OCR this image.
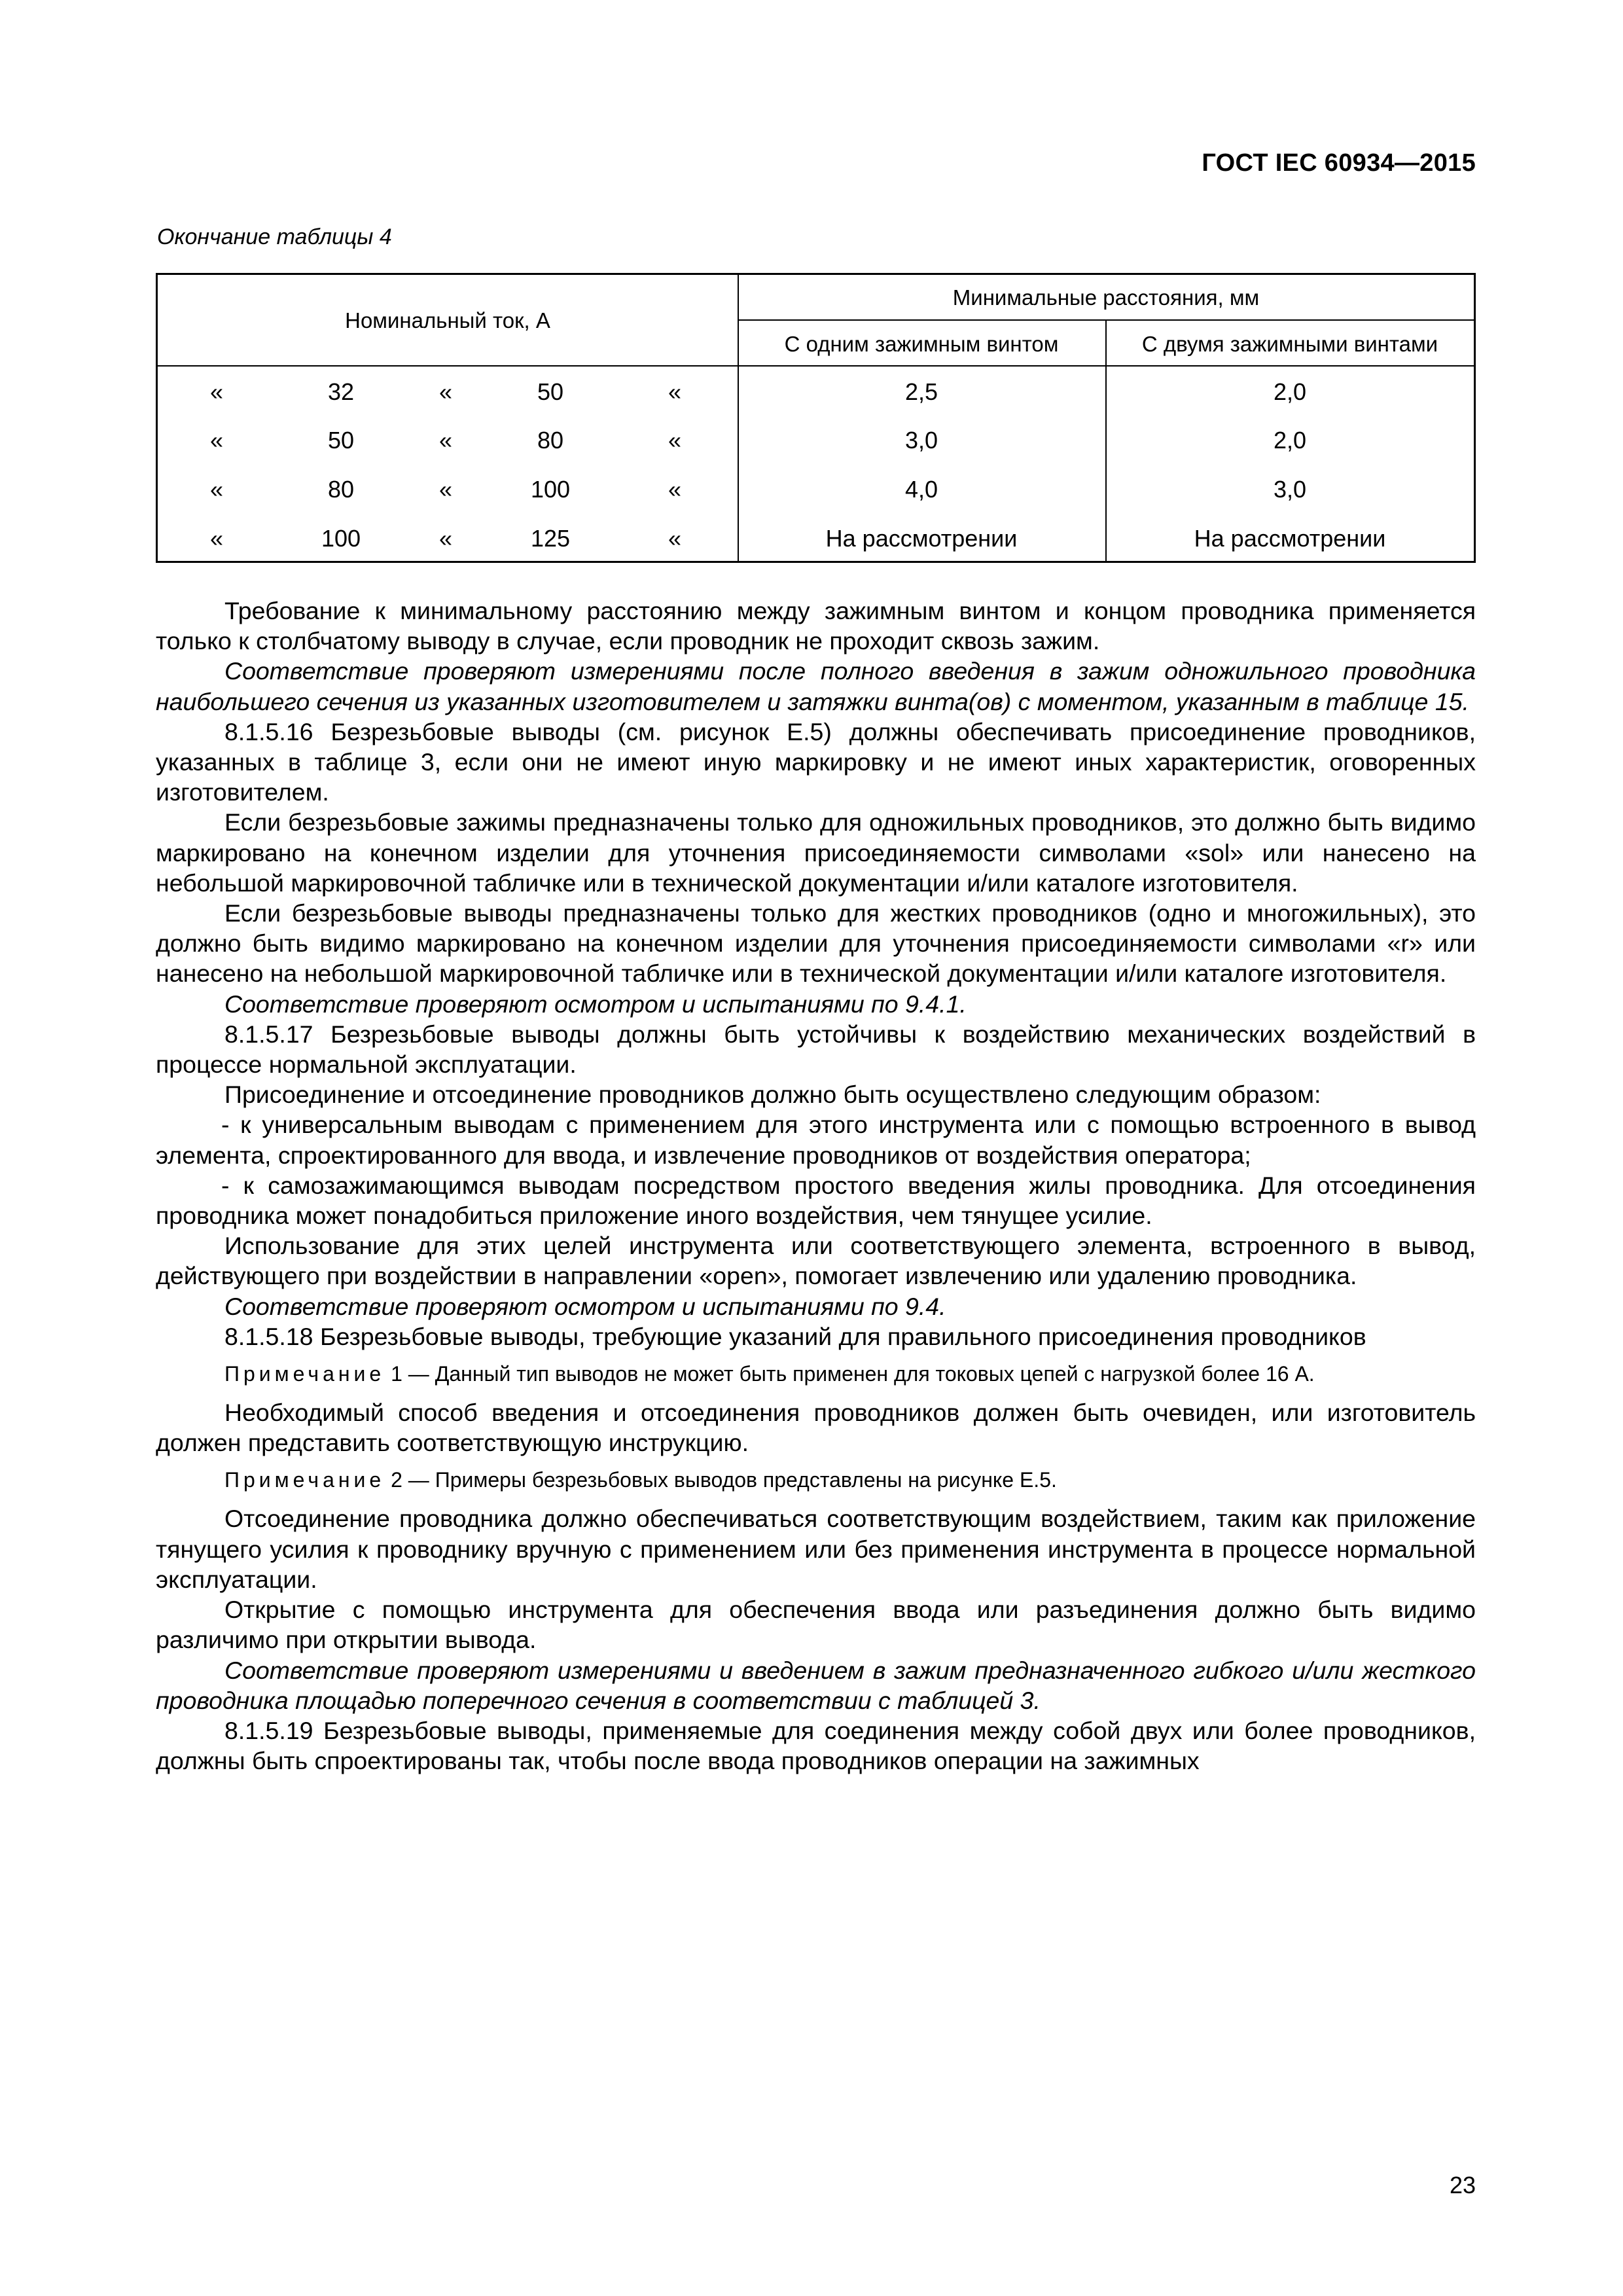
ГОСТ IEC 60934—2015
Окончание таблицы 4
Номинальный ток, А
Минимальные расстояния, мм
С одним зажимным винтом	С двумя зажимными винтами
«	32	«	50	«	2,5	2,0
«	50	«	80	«	3,0	2,0
«	80	«	100	«	4,0	3,0
«	100	«	125	«	На рассмотрении	На рассмотрении

Требование к минимальному расстоянию между зажимным винтом и концом проводника применяется только к столбчатому выводу в случае, если проводник не проходит сквозь зажим.

Соответствие проверяют измерениями после полного введения в зажим одножильного проводника наибольшего сечения из указанных изготовителем и затяжки винта(ов) с моментом, указанным в таблице 15.

8.1.5.16 Безрезьбовые выводы (см. рисунок Е.5) должны обеспечивать присоединение проводников, указанных в таблице 3, если они не имеют иную маркировку и не имеют иных характеристик, оговоренных изготовителем.

Если безрезьбовые зажимы предназначены только для одножильных проводников, это должно быть видимо маркировано на конечном изделии для уточнения присоединяемости символами «sol» или нанесено на небольшой маркировочной табличке или в технической документации и/или каталоге изготовителя.

Если безрезьбовые выводы предназначены только для жестких проводников (одно и многожильных), это должно быть видимо маркировано на конечном изделии для уточнения присоединяемости символами «r» или нанесено на небольшой маркировочной табличке или в технической документации и/или каталоге изготовителя.

Соответствие проверяют осмотром и испытаниями по 9.4.1.

8.1.5.17 Безрезьбовые выводы должны быть устойчивы к воздействию механических воздействий в процессе нормальной эксплуатации.

Присоединение и отсоединение проводников должно быть осуществлено следующим образом:

- к универсальным выводам с применением для этого инструмента или с помощью встроенного в вывод элемента, спроектированного для ввода, и извлечение проводников от воздействия оператора;

- к самозажимающимся выводам посредством простого введения жилы проводника. Для отсоединения проводника может понадобиться приложение иного воздействия, чем тянущее усилие.

Использование для этих целей инструмента или соответствующего элемента, встроенного в вывод, действующего при воздействии в направлении «open», помогает извлечению или удалению проводника.

Соответствие проверяют осмотром и испытаниями по 9.4.

8.1.5.18 Безрезьбовые выводы, требующие указаний для правильного присоединения проводников

Примечание 1 — Данный тип выводов не может быть применен для токовых цепей с нагрузкой более 16 А.

Необходимый способ введения и отсоединения проводников должен быть очевиден, или изготовитель должен представить соответствующую инструкцию.

Примечание 2 — Примеры безрезьбовых выводов представлены на рисунке Е.5.

Отсоединение проводника должно обеспечиваться соответствующим воздействием, таким как приложение тянущего усилия к проводнику вручную с применением или без применения инструмента в процессе нормальной эксплуатации.

Открытие с помощью инструмента для обеспечения ввода или разъединения должно быть видимо различимо при открытии вывода.

Соответствие проверяют измерениями и введением в зажим предназначенного гибкого и/или жесткого проводника площадью поперечного сечения в соответствии с таблицей 3.

8.1.5.19 Безрезьбовые выводы, применяемые для соединения между собой двух или более проводников, должны быть спроектированы так, чтобы после ввода проводников операции на зажимных

23
